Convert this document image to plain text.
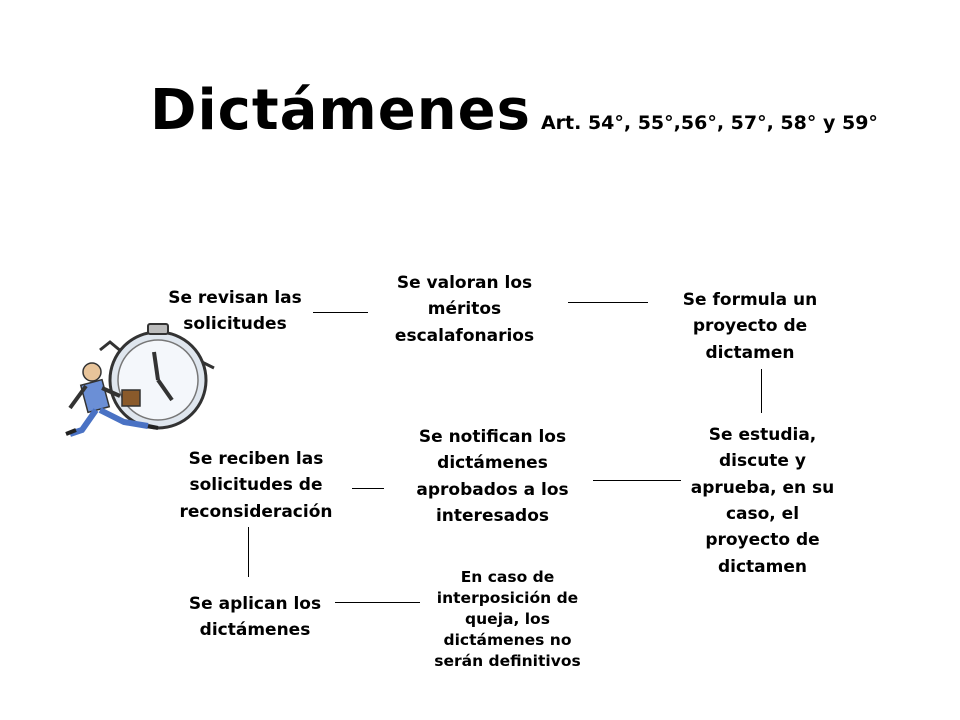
Dictámenes Art. 54°, 55°,56°, 57°, 58° y 59°
Se revisan las solicitudes
Se valoran los méritos escalafonarios
Se formula un proyecto de dictamen
Se estudia, discute y aprueba, en su caso, el proyecto de dictamen
Se notifican los dictámenes aprobados a los interesados
Se reciben las solicitudes de reconsideración
Se aplican los dictámenes
En caso de interposición de queja, los dictámenes no serán definitivos
